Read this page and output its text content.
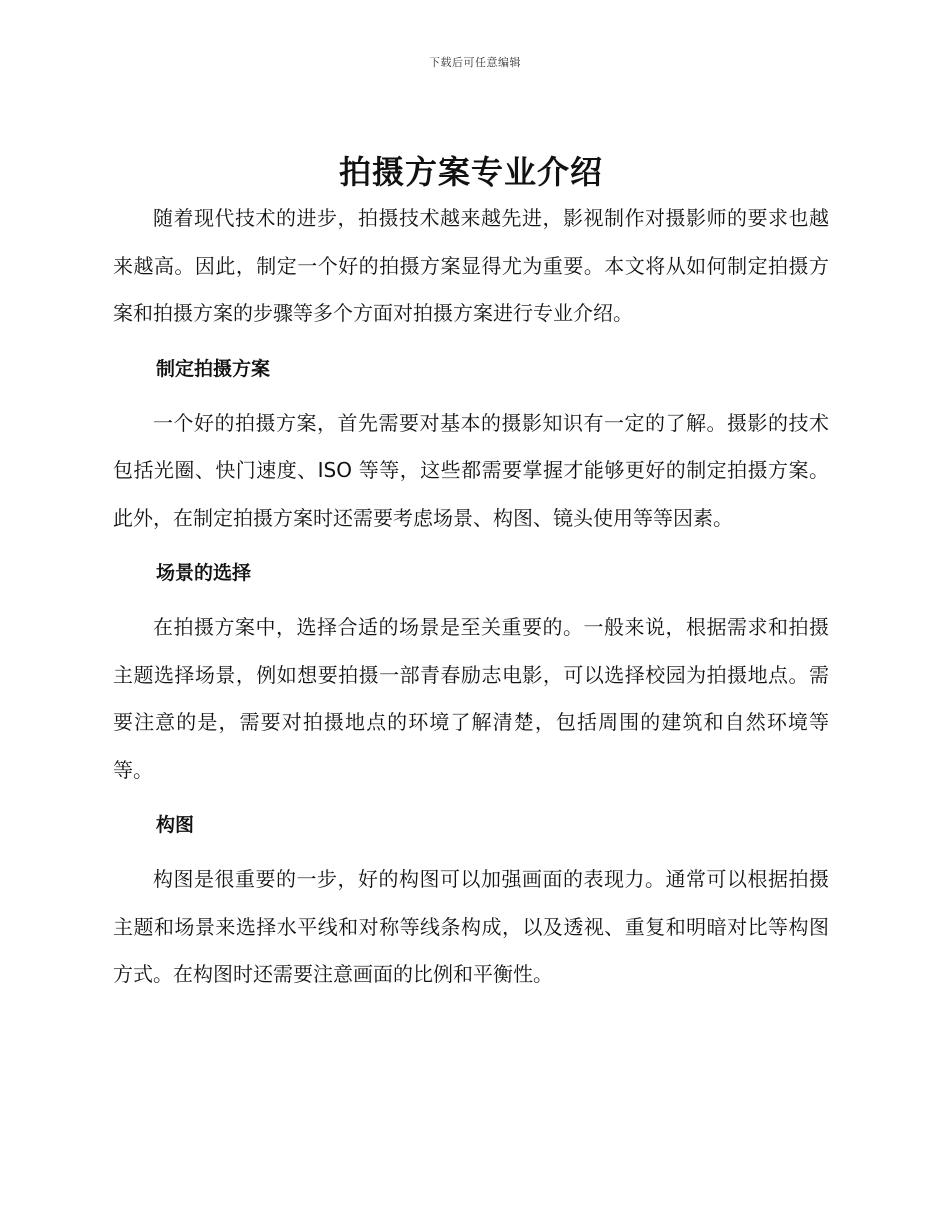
下载后可任意编辑
拍摄方案专业介绍

随着现代技术的进步，拍摄技术越来越先进，影视制作对摄影师的要求也越来越高。因此，制定一个好的拍摄方案显得尤为重要。本文将从如何制定拍摄方案和拍摄方案的步骤等多个方面对拍摄方案进行专业介绍。

制定拍摄方案

一个好的拍摄方案，首先需要对基本的摄影知识有一定的了解。摄影的技术包括光圈、快门速度、ISO 等等，这些都需要掌握才能够更好的制定拍摄方案。此外，在制定拍摄方案时还需要考虑场景、构图、镜头使用等等因素。

场景的选择

在拍摄方案中，选择合适的场景是至关重要的。一般来说，根据需求和拍摄主题选择场景，例如想要拍摄一部青春励志电影，可以选择校园为拍摄地点。需要注意的是，需要对拍摄地点的环境了解清楚，包括周围的建筑和自然环境等等。

构图

构图是很重要的一步，好的构图可以加强画面的表现力。通常可以根据拍摄主题和场景来选择水平线和对称等线条构成，以及透视、重复和明暗对比等构图方式。在构图时还需要注意画面的比例和平衡性。
